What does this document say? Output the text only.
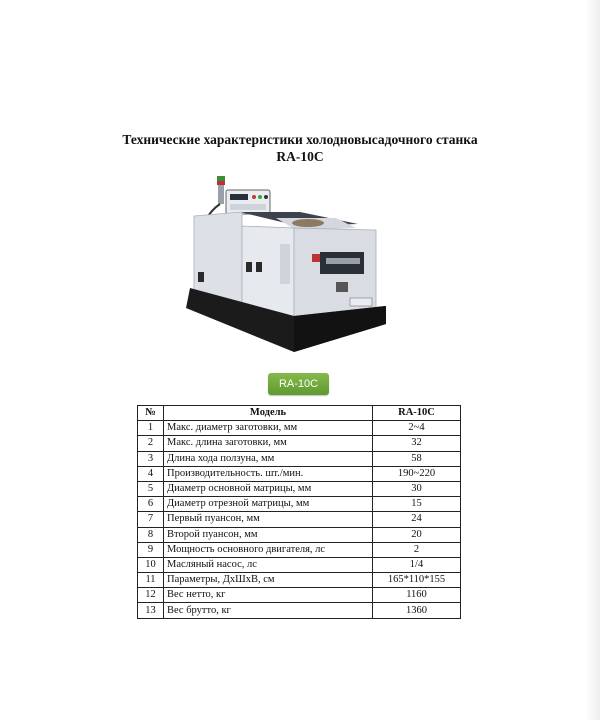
Технические характеристики холодновысадочного станка
RA-10C
RA-10C
№	Модель	RA-10C
1	Макс. диаметр заготовки, мм	2~4
2	Макс. длина заготовки, мм	32
3	Длина хода ползуна, мм	58
4	Производительность. шт./мин.	190~220
5	Диаметр основной матрицы, мм	30
6	Диаметр отрезной матрицы, мм	15
7	Первый пуансон, мм	24
8	Второй пуансон, мм	20
9	Мощность основного двигателя, лс	2
10	Масляный насос, лс	1/4
11	Параметры, ДхШхВ, см	165*110*155
12	Вес нетто, кг	1160
13	Вес брутто, кг	1360
